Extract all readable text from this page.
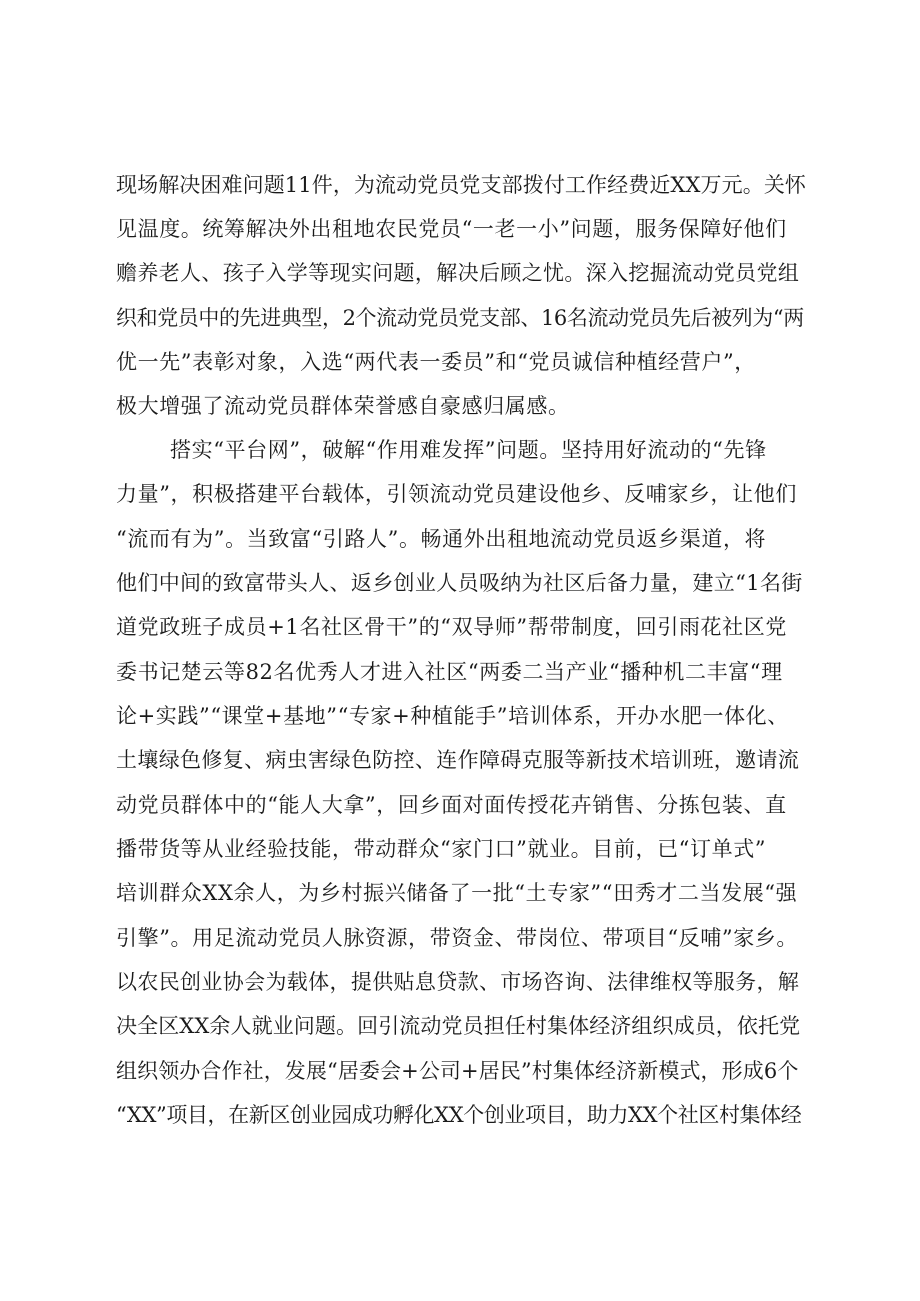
现场解决困难问题11件，为流动党员党支部拨付工作经费近XX万元。关怀
见温度。统筹解决外出租地农民党员“一老一小”问题，服务保障好他们
赡养老人、孩子入学等现实问题，解决后顾之忧。深入挖掘流动党员党组
织和党员中的先进典型，2个流动党员党支部、16名流动党员先后被列为“两
优一先”表彰对象，入选“两代表一委员”和“党员诚信种植经营户”，
极大增强了流动党员群体荣誉感自豪感归属感。
搭实“平台网”，破解“作用难发挥”问题。坚持用好流动的“先锋
力量”，积极搭建平台载体，引领流动党员建设他乡、反哺家乡，让他们
“流而有为”。当致富“引路人”。畅通外出租地流动党员返乡渠道，将
他们中间的致富带头人、返乡创业人员吸纳为社区后备力量，建立“1名街
道党政班子成员+1名社区骨干”的“双导师”帮带制度，回引雨花社区党
委书记楚云等82名优秀人才进入社区“两委二当产业“播种机二丰富“理
论+实践”“课堂+基地”“专家+种植能手”培训体系，开办水肥一体化、
土壤绿色修复、病虫害绿色防控、连作障碍克服等新技术培训班，邀请流
动党员群体中的“能人大拿”，回乡面对面传授花卉销售、分拣包装、直
播带货等从业经验技能，带动群众“家门口”就业。目前，已“订单式”
培训群众XX余人，为乡村振兴储备了一批“土专家”“田秀才二当发展“强
引擎”。用足流动党员人脉资源，带资金、带岗位、带项目“反哺”家乡。
以农民创业协会为载体，提供贴息贷款、市场咨询、法律维权等服务，解
决全区XX余人就业问题。回引流动党员担任村集体经济组织成员，依托党
组织领办合作社，发展“居委会+公司+居民”村集体经济新模式，形成6个
“XX”项目，在新区创业园成功孵化XX个创业项目，助力XX个社区村集体经
